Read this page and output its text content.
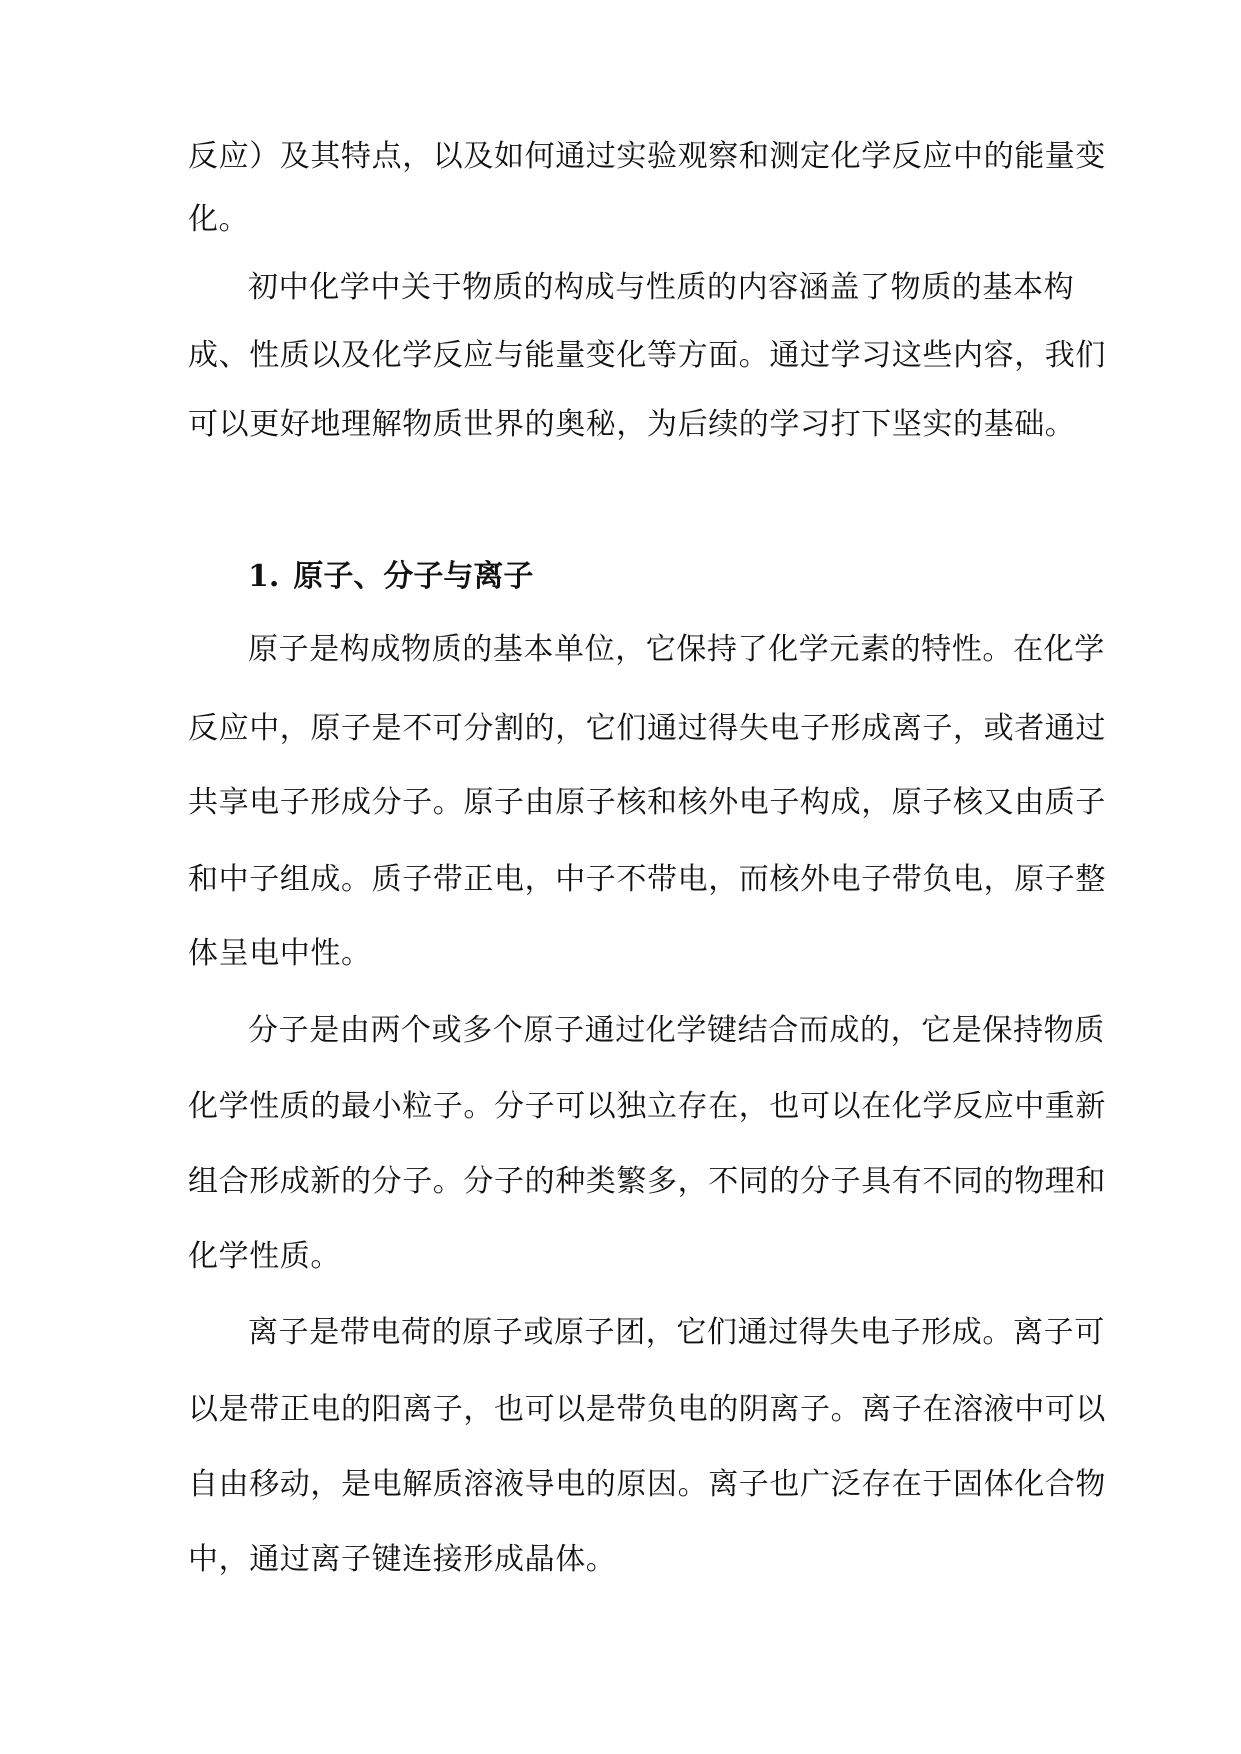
反应）及其特点，以及如何通过实验观察和测定化学反应中的能量变
化。
初中化学中关于物质的构成与性质的内容涵盖了物质的基本构
成、性质以及化学反应与能量变化等方面。通过学习这些内容，我们
可以更好地理解物质世界的奥秘，为后续的学习打下坚实的基础。
1. 原子、分子与离子
原子是构成物质的基本单位，它保持了化学元素的特性。在化学
反应中，原子是不可分割的，它们通过得失电子形成离子，或者通过
共享电子形成分子。原子由原子核和核外电子构成，原子核又由质子
和中子组成。质子带正电，中子不带电，而核外电子带负电，原子整
体呈电中性。
分子是由两个或多个原子通过化学键结合而成的，它是保持物质
化学性质的最小粒子。分子可以独立存在，也可以在化学反应中重新
组合形成新的分子。分子的种类繁多，不同的分子具有不同的物理和
化学性质。
离子是带电荷的原子或原子团，它们通过得失电子形成。离子可
以是带正电的阳离子，也可以是带负电的阴离子。离子在溶液中可以
自由移动，是电解质溶液导电的原因。离子也广泛存在于固体化合物
中，通过离子键连接形成晶体。
